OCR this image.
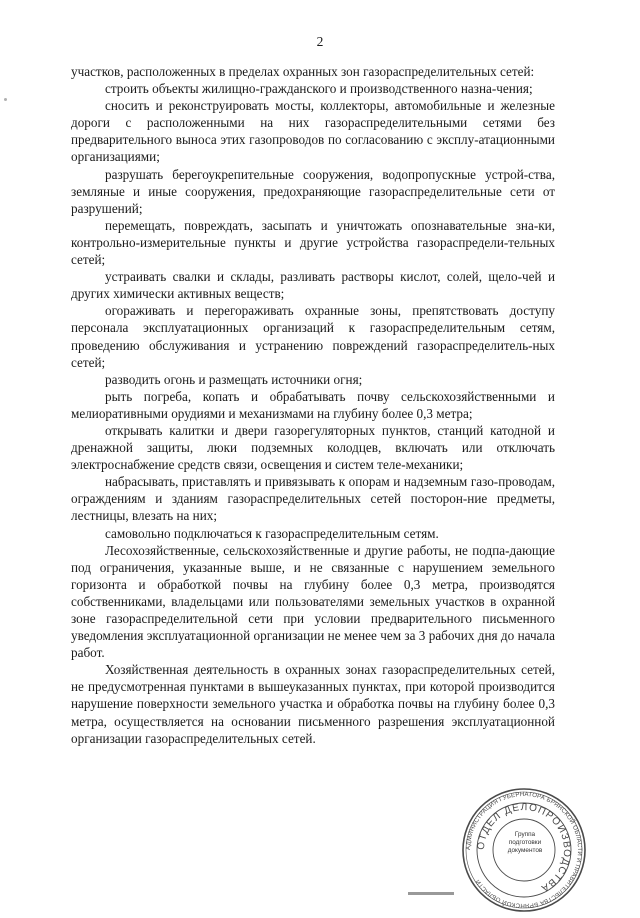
2

участков, расположенных в пределах охранных зон газораспределительных сетей:

строить объекты жилищно-гражданского и производственного назна-чения;

сносить и реконструировать мосты, коллекторы, автомобильные и железные дороги с расположенными на них газораспределительными сетями без предварительного выноса этих газопроводов по согласованию с эксплу-атационными организациями;

разрушать берегоукрепительные сооружения, водопропускные устрой-ства, земляные и иные сооружения, предохраняющие газораспределительные сети от разрушений;

перемещать, повреждать, засыпать и уничтожать опознавательные зна-ки, контрольно-измерительные пункты и другие устройства газораспредели-тельных сетей;

устраивать свалки и склады, разливать растворы кислот, солей, щело-чей и других химически активных веществ;

огораживать и перегораживать охранные зоны, препятствовать доступу персонала эксплуатационных организаций к газораспределительным сетям, проведению обслуживания и устранению повреждений газораспределитель-ных сетей;

разводить огонь и размещать источники огня;

рыть погреба, копать и обрабатывать почву сельскохозяйственными и мелиоративными орудиями и механизмами на глубину более 0,3 метра;

открывать калитки и двери газорегуляторных пунктов, станций катодной и дренажной защиты, люки подземных колодцев, включать или отключать электроснабжение средств связи, освещения и систем теле-механики;

набрасывать, приставлять и привязывать к опорам и надземным газо-проводам, ограждениям и зданиям газораспределительных сетей посторон-ние предметы, лестницы, влезать на них;

самовольно подключаться к газораспределительным сетям.

Лесохозяйственные, сельскохозяйственные и другие работы, не подпа-дающие под ограничения, указанные выше, и не связанные с нарушением земельного горизонта и обработкой почвы на глубину более 0,3 метра, производятся собственниками, владельцами или пользователями земельных участков в охранной зоне газораспределительной сети при условии предварительного письменного уведомления эксплуатационной организации не менее чем за 3 рабочих дня до начала работ.

Хозяйственная деятельность в охранных зонах газораспределительных сетей, не предусмотренная пунктами в вышеуказанных пунктах, при которой производится нарушение поверхности земельного участка и обработка почвы на глубину более 0,3 метра, осуществляется на основании письменного разрешения эксплуатационной организации газораспределительных сетей.

АДМИНИСТРАЦИЯ ГУБЕРНАТОРА БРЯНСКОЙ ОБЛАСТИ И ПРАВИТЕЛЬСТВА БРЯНСКОЙ ОБЛАСТИ
ОТДЕЛ ДЕЛОПРОИЗВОДСТВА
Группа
подготовки
документов
